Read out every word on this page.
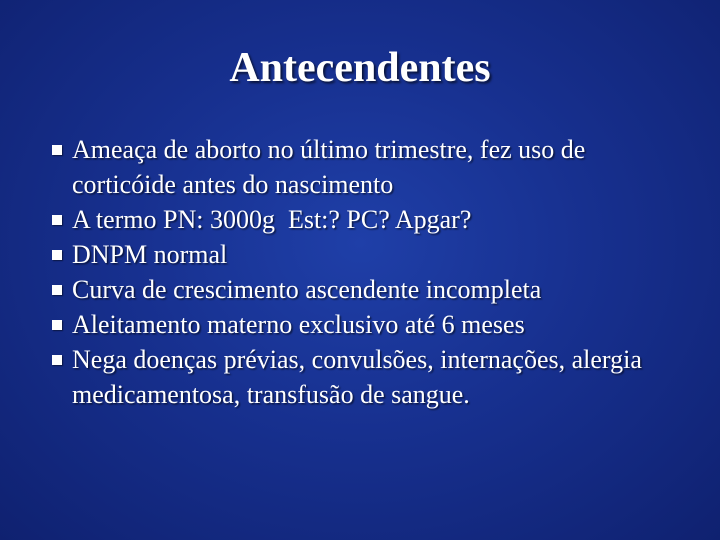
Antecendentes
Ameaça de aborto no último trimestre, fez uso de corticóide antes do nascimento
A termo PN: 3000g  Est:? PC? Apgar?
DNPM normal
Curva de crescimento ascendente incompleta
Aleitamento materno exclusivo até 6 meses
Nega doenças prévias, convulsões, internações, alergia medicamentosa, transfusão de sangue.
